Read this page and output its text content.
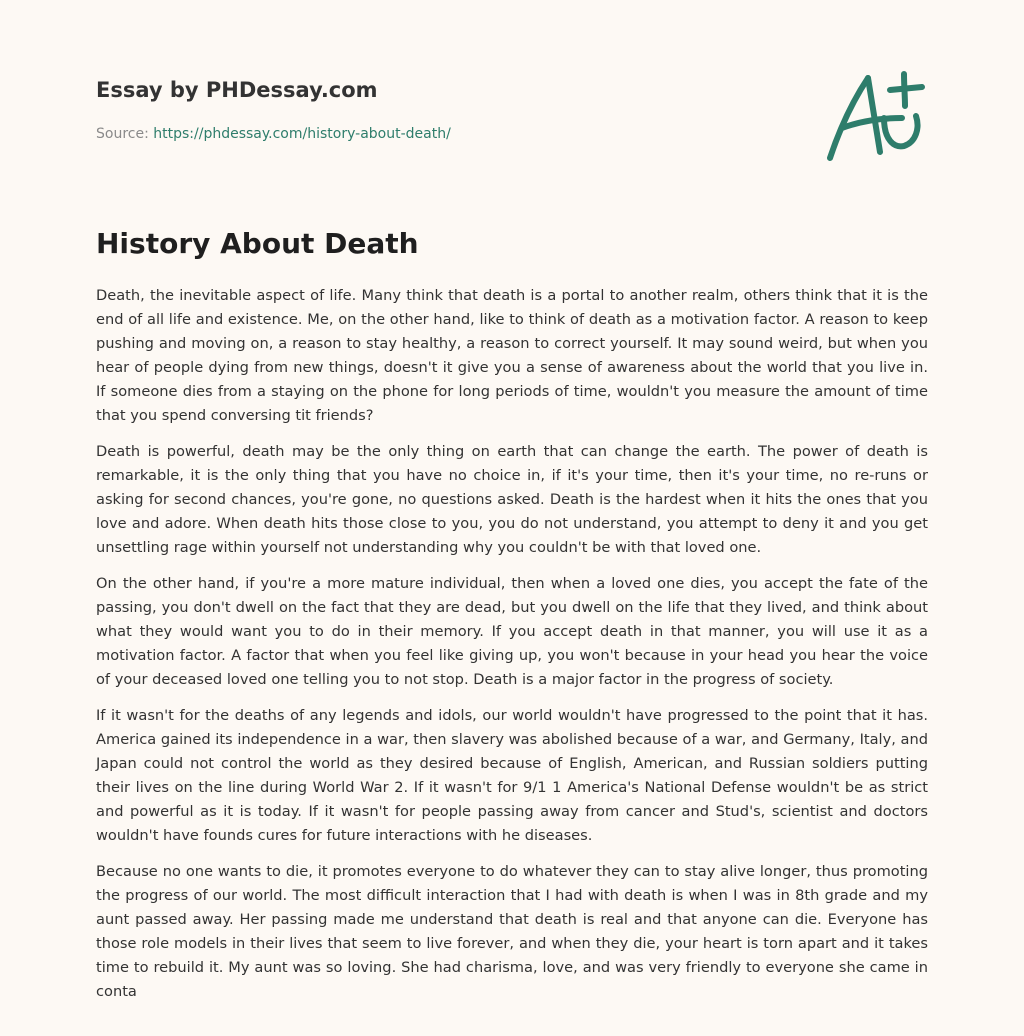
Essay by PHDessay.com
Source: https://phdessay.com/history-about-death/
History About Death

Death, the inevitable aspect of life. Many think that death is a portal to another realm, others think that it is the end of all life and existence. Me, on the other hand, like to think of death as a motivation factor. A reason to keep pushing and moving on, a reason to stay healthy, a reason to correct yourself. It may sound weird, but when you hear of people dying from new things, doesn't it give you a sense of awareness about the world that you live in. If someone dies from a staying on the phone for long periods of time, wouldn't you measure the amount of time that you spend conversing tit friends?

Death is powerful, death may be the only thing on earth that can change the earth. The power of death is remarkable, it is the only thing that you have no choice in, if it's your time, then it's your time, no re-runs or asking for second chances, you're gone, no questions asked. Death is the hardest when it hits the ones that you love and adore. When death hits those close to you, you do not understand, you attempt to deny it and you get unsettling rage within yourself not understanding why you couldn't be with that loved one.

On the other hand, if you're a more mature individual, then when a loved one dies, you accept the fate of the passing, you don't dwell on the fact that they are dead, but you dwell on the life that they lived, and think about what they would want you to do in their memory. If you accept death in that manner, you will use it as a motivation factor. A factor that when you feel like giving up, you won't because in your head you hear the voice of your deceased loved one telling you to not stop. Death is a major factor in the progress of society.

If it wasn't for the deaths of any legends and idols, our world wouldn't have progressed to the point that it has. America gained its independence in a war, then slavery was abolished because of a war, and Germany, Italy, and Japan could not control the world as they desired because of English, American, and Russian soldiers putting their lives on the line during World War 2. If it wasn't for 9/1 1 America's National Defense wouldn't be as strict and powerful as it is today. If it wasn't for people passing away from cancer and Stud's, scientist and doctors wouldn't have founds cures for future interactions with he diseases.

Because no one wants to die, it promotes everyone to do whatever they can to stay alive longer, thus promoting the progress of our world. The most difficult interaction that I had with death is when I was in 8th grade and my aunt passed away. Her passing made me understand that death is real and that anyone can die. Everyone has those role models in their lives that seem to live forever, and when they die, your heart is torn apart and it takes time to rebuild it. My aunt was so loving. She had charisma, love, and was very friendly to everyone she came in conta
